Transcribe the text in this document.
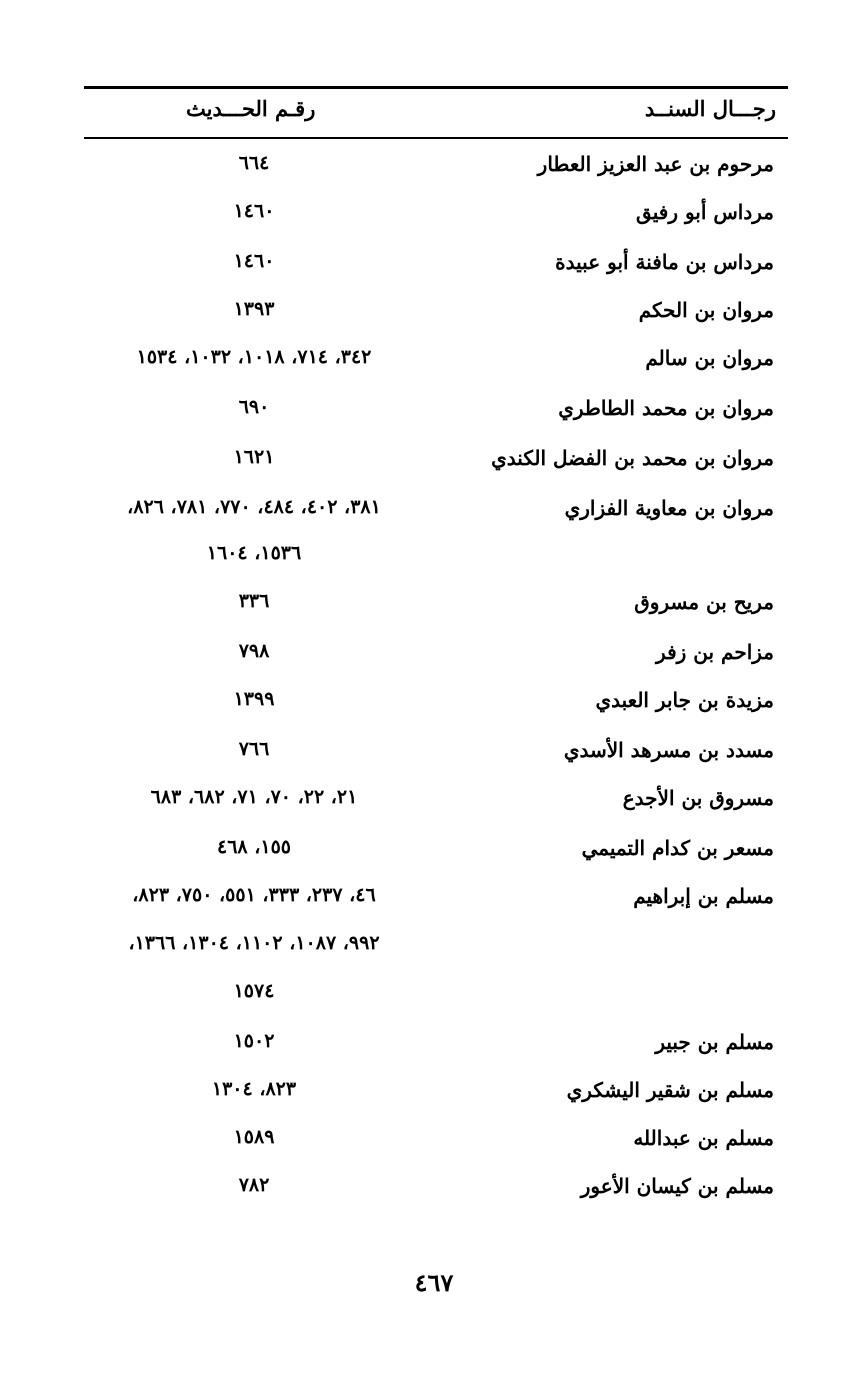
رجـــال السنــد
رقـم الحـــديث
مرحوم بن عبد العزيز العطار
٦٦٤
مرداس أبو رفيق
١٤٦٠
مرداس بن مافنة أبو عبيدة
١٤٦٠
مروان بن الحكم
١٣٩٣
مروان بن سالم
٣٤٢، ٧١٤، ١٠١٨، ١٠٣٢، ١٥٣٤
مروان بن محمد الطاطري
٦٩٠
مروان بن محمد بن الفضل الكندي
١٦٢١
مروان بن معاوية الفزاري
٣٨١، ٤٠٢، ٤٨٤، ٧٧٠، ٧٨١، ٨٢٦،
١٥٣٦، ١٦٠٤
مريح بن مسروق
٣٣٦
مزاحم بن زفر
٧٩٨
مزيدة بن جابر العبدي
١٣٩٩
مسدد بن مسرهد الأسدي
٧٦٦
مسروق بن الأجدع
٢١، ٢٢، ٧٠، ٧١، ٦٨٢، ٦٨٣
مسعر بن كدام التميمي
١٥٥، ٤٦٨
مسلم بن إبراهيم
٤٦، ٢٣٧، ٣٣٣، ٥٥١، ٧٥٠، ٨٢٣،
٩٩٢، ١٠٨٧، ١١٠٢، ١٣٠٤، ١٣٦٦،
١٥٧٤
مسلم بن جبير
١٥٠٢
مسلم بن شقير اليشكري
٨٢٣، ١٣٠٤
مسلم بن عبدالله
١٥٨٩
مسلم بن كيسان الأعور
٧٨٢
٤٦٧
